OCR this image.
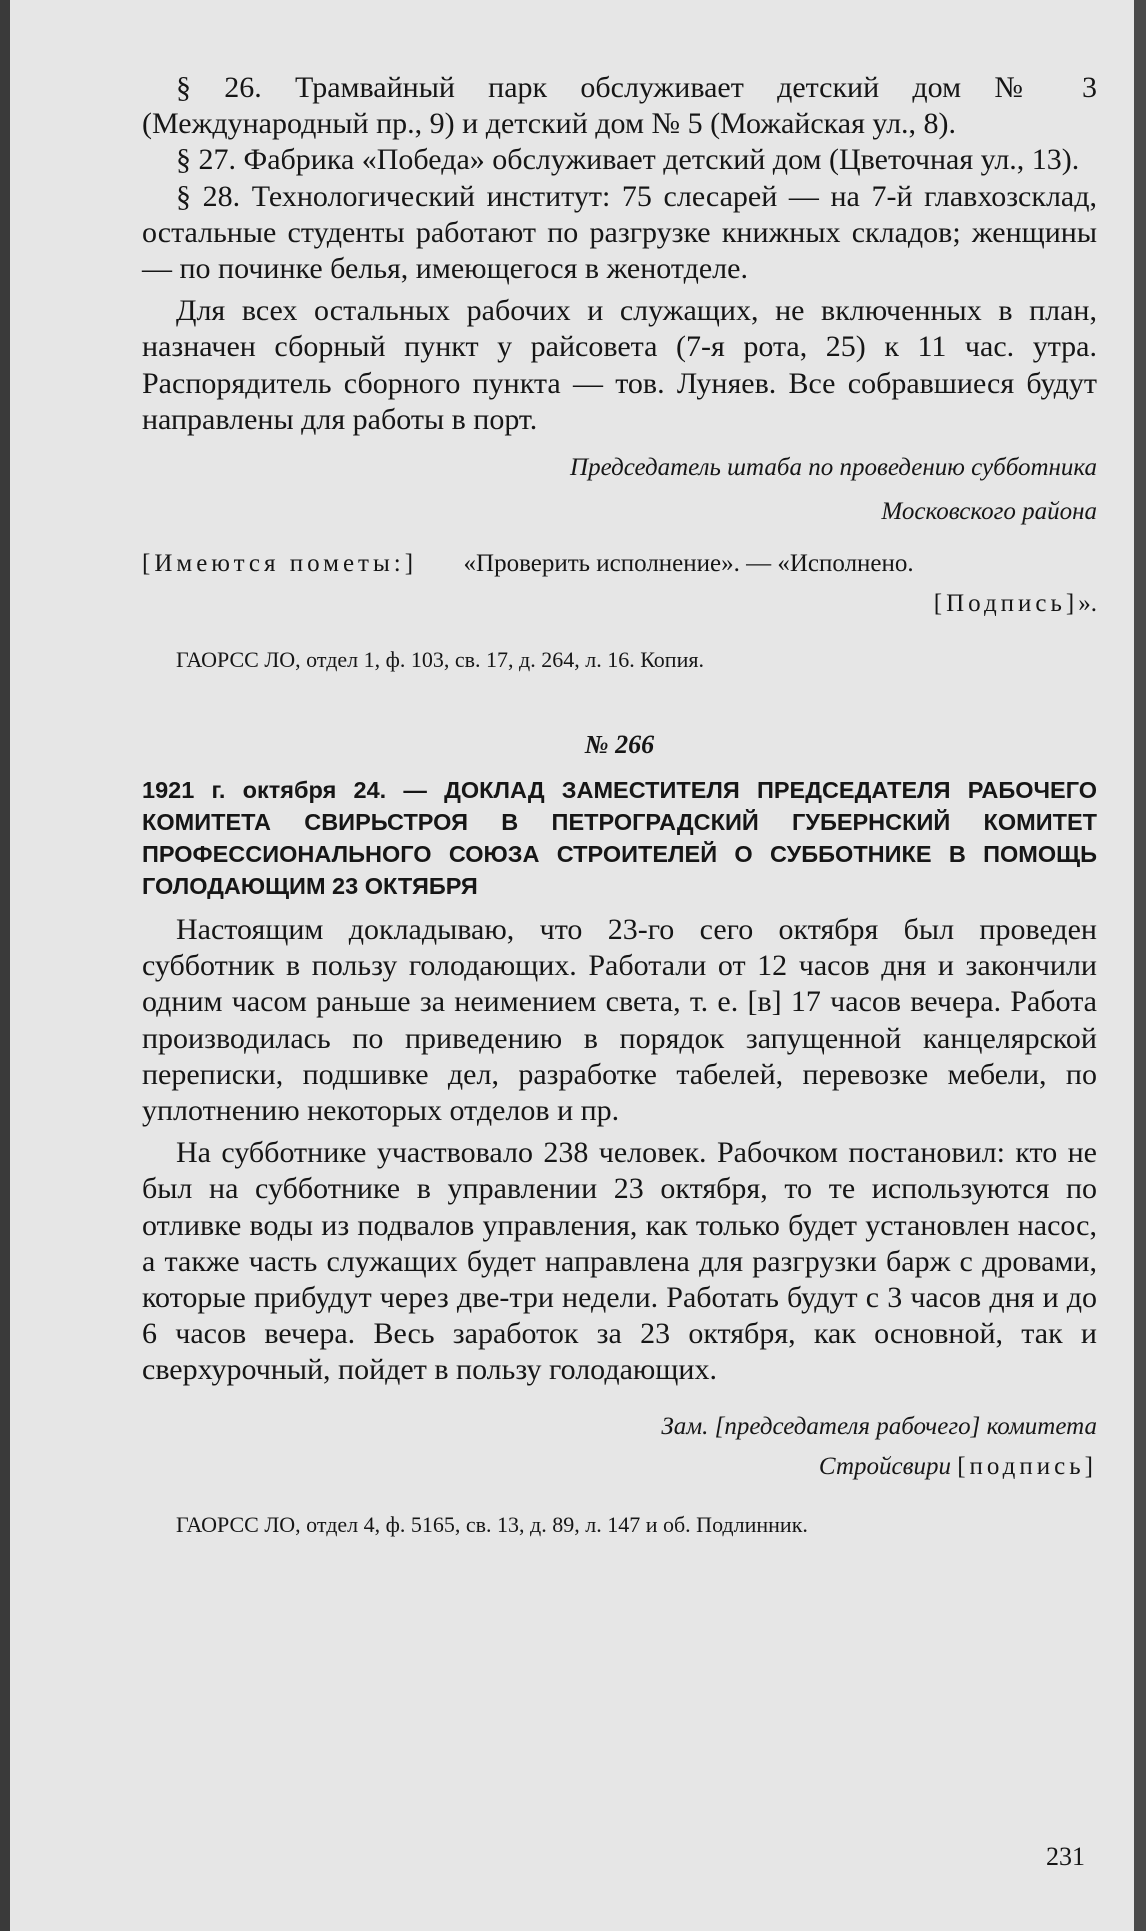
§ 26. Трамвайный парк обслуживает детский дом № 3 (Международный пр., 9) и детский дом № 5 (Можайская ул., 8).

§ 27. Фабрика «Победа» обслуживает детский дом (Цветочная ул., 13).

§ 28. Технологический институт: 75 слесарей — на 7-й главхозсклад, остальные студенты работают по разгрузке книжных складов; женщины — по починке белья, имеющегося в женотделе.

Для всех остальных рабочих и служащих, не включенных в план, назначен сборный пункт у райсовета (7-я рота, 25) к 11 час. утра. Распорядитель сборного пункта — тов. Луняев. Все собравшиеся будут направлены для работы в порт.

Председатель штаба по проведению субботника

Московского района

[Имеются пометы:] «Проверить исполнение». — «Исполнено.

[Подпись]».

ГАОРСС ЛО, отдел 1, ф. 103, св. 17, д. 264, л. 16. Копия.

№ 266
1921 г. октября 24. — ДОКЛАД ЗАМЕСТИТЕЛЯ ПРЕДСЕДАТЕЛЯ РАБОЧЕГО КОМИТЕТА СВИРЬСТРОЯ В ПЕТРОГРАДСКИЙ ГУБЕРНСКИЙ КОМИТЕТ ПРОФЕССИОНАЛЬНОГО СОЮЗА СТРОИТЕЛЕЙ О СУББОТНИКЕ В ПОМОЩЬ ГОЛОДАЮЩИМ 23 ОКТЯБРЯ

Настоящим докладываю, что 23-го сего октября был проведен субботник в пользу голодающих. Работали от 12 часов дня и закончили одним часом раньше за неимением света, т. е. [в] 17 часов вечера. Работа производилась по приведению в порядок запущенной канцелярской переписки, подшивке дел, разработке табелей, перевозке мебели, по уплотнению некоторых отделов и пр.

На субботнике участвовало 238 человек. Рабочком постановил: кто не был на субботнике в управлении 23 октября, то те используются по отливке воды из подвалов управления, как только будет установлен насос, а также часть служащих будет направлена для разгрузки барж с дровами, которые прибудут через две-три недели. Работать будут с 3 часов дня и до 6 часов вечера. Весь заработок за 23 октября, как основной, так и сверхурочный, пойдет в пользу голодающих.

Зам. [председателя рабочего] комитета

Стройсвири [подпись]

ГАОРСС ЛО, отдел 4, ф. 5165, св. 13, д. 89, л. 147 и об. Подлинник.

231
